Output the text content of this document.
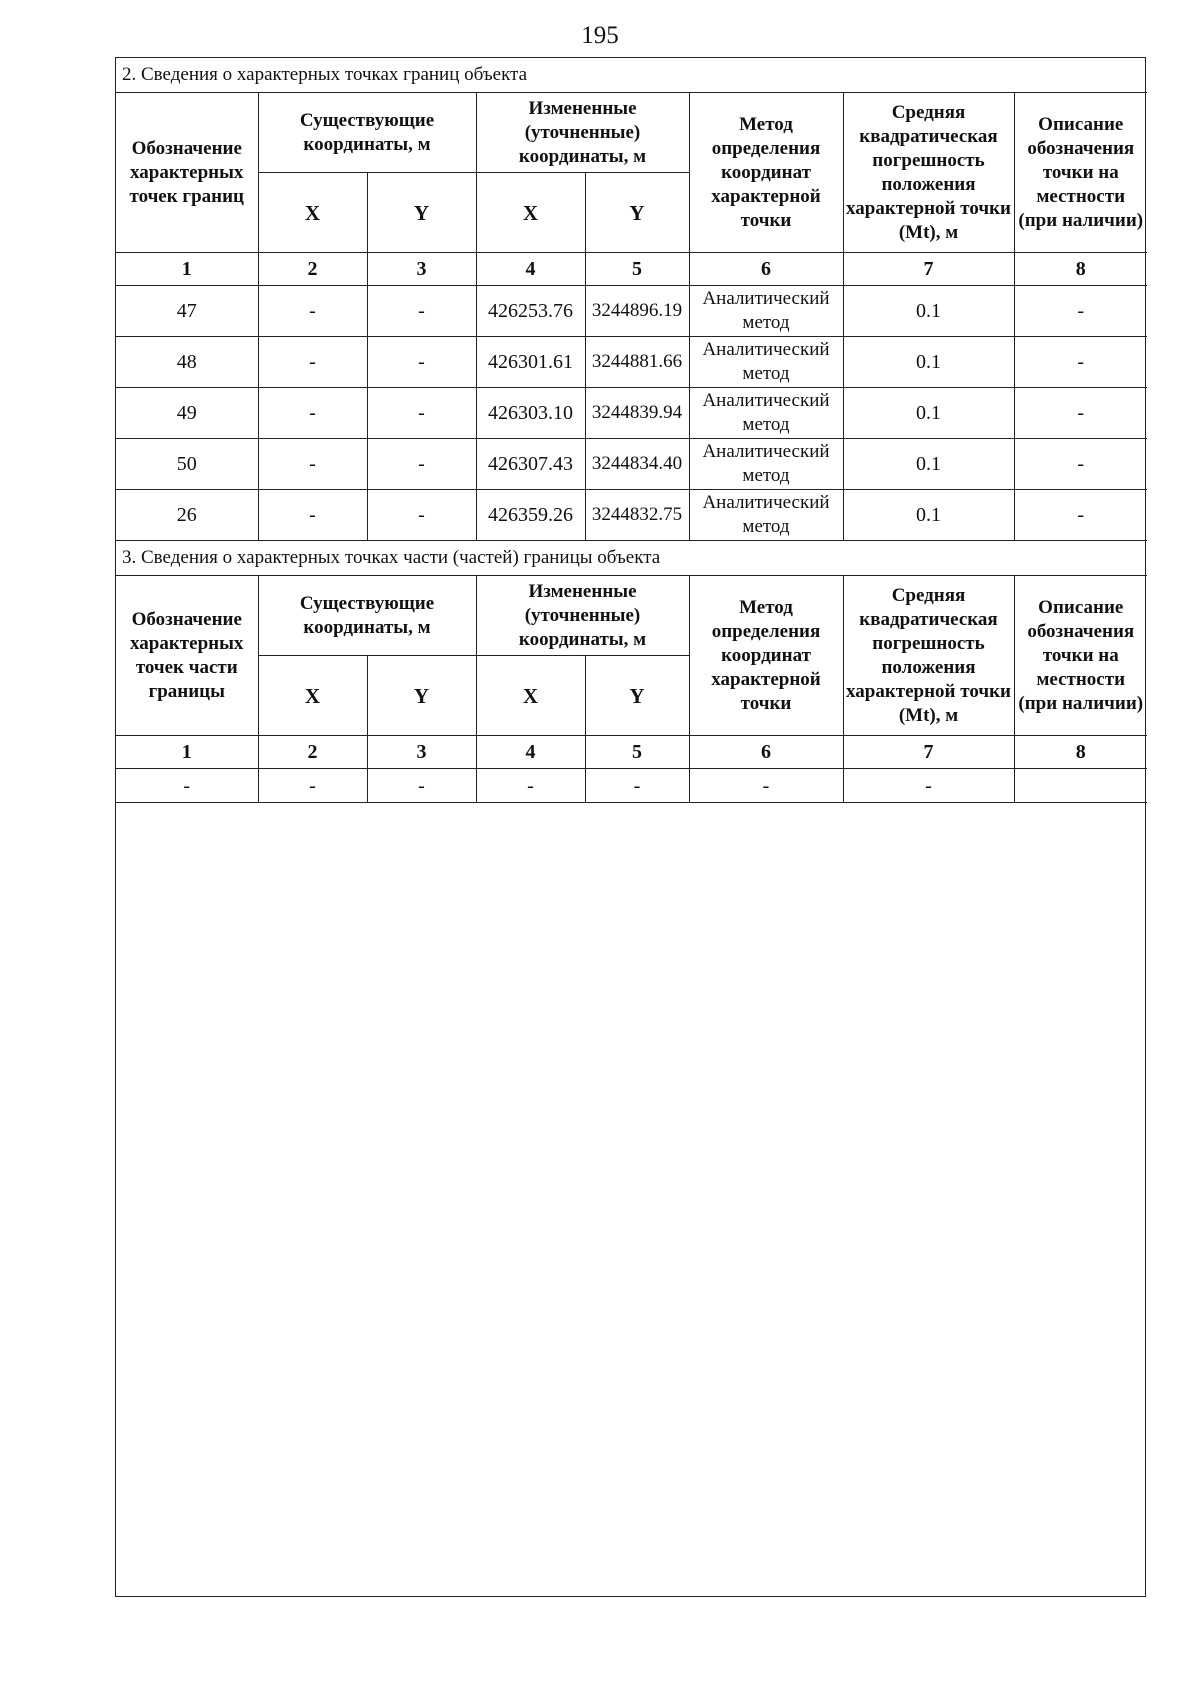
195
2. Сведения о характерных точках границ объекта							
Обозначение характерных точек границ	Существующие координаты, м		Измененные (уточненные) координаты, м		Метод определения координат характерной точки	Средняя квадратическая погрешность положения характерной точки (Mt), м	Описание обозначения точки на местности (при наличии)
	X	Y	X	Y			
1	2	3	4	5	6	7	8
47	-	-	426253.76	3244896.19	Аналитический метод	0.1	-
48	-	-	426301.61	3244881.66	Аналитический метод	0.1	-
49	-	-	426303.10	3244839.94	Аналитический метод	0.1	-
50	-	-	426307.43	3244834.40	Аналитический метод	0.1	-
26	-	-	426359.26	3244832.75	Аналитический метод	0.1	-
3. Сведения о характерных точках части (частей) границы объекта							
Обозначение характерных точек части границы	Существующие координаты, м		Измененные (уточненные) координаты, м		Метод определения координат характерной точки	Средняя квадратическая погрешность положения характерной точки (Mt), м	Описание обозначения точки на местности (при наличии)
	X	Y	X	Y			
1	2	3	4	5	6	7	8
-	-	-	-	-	-	-	
